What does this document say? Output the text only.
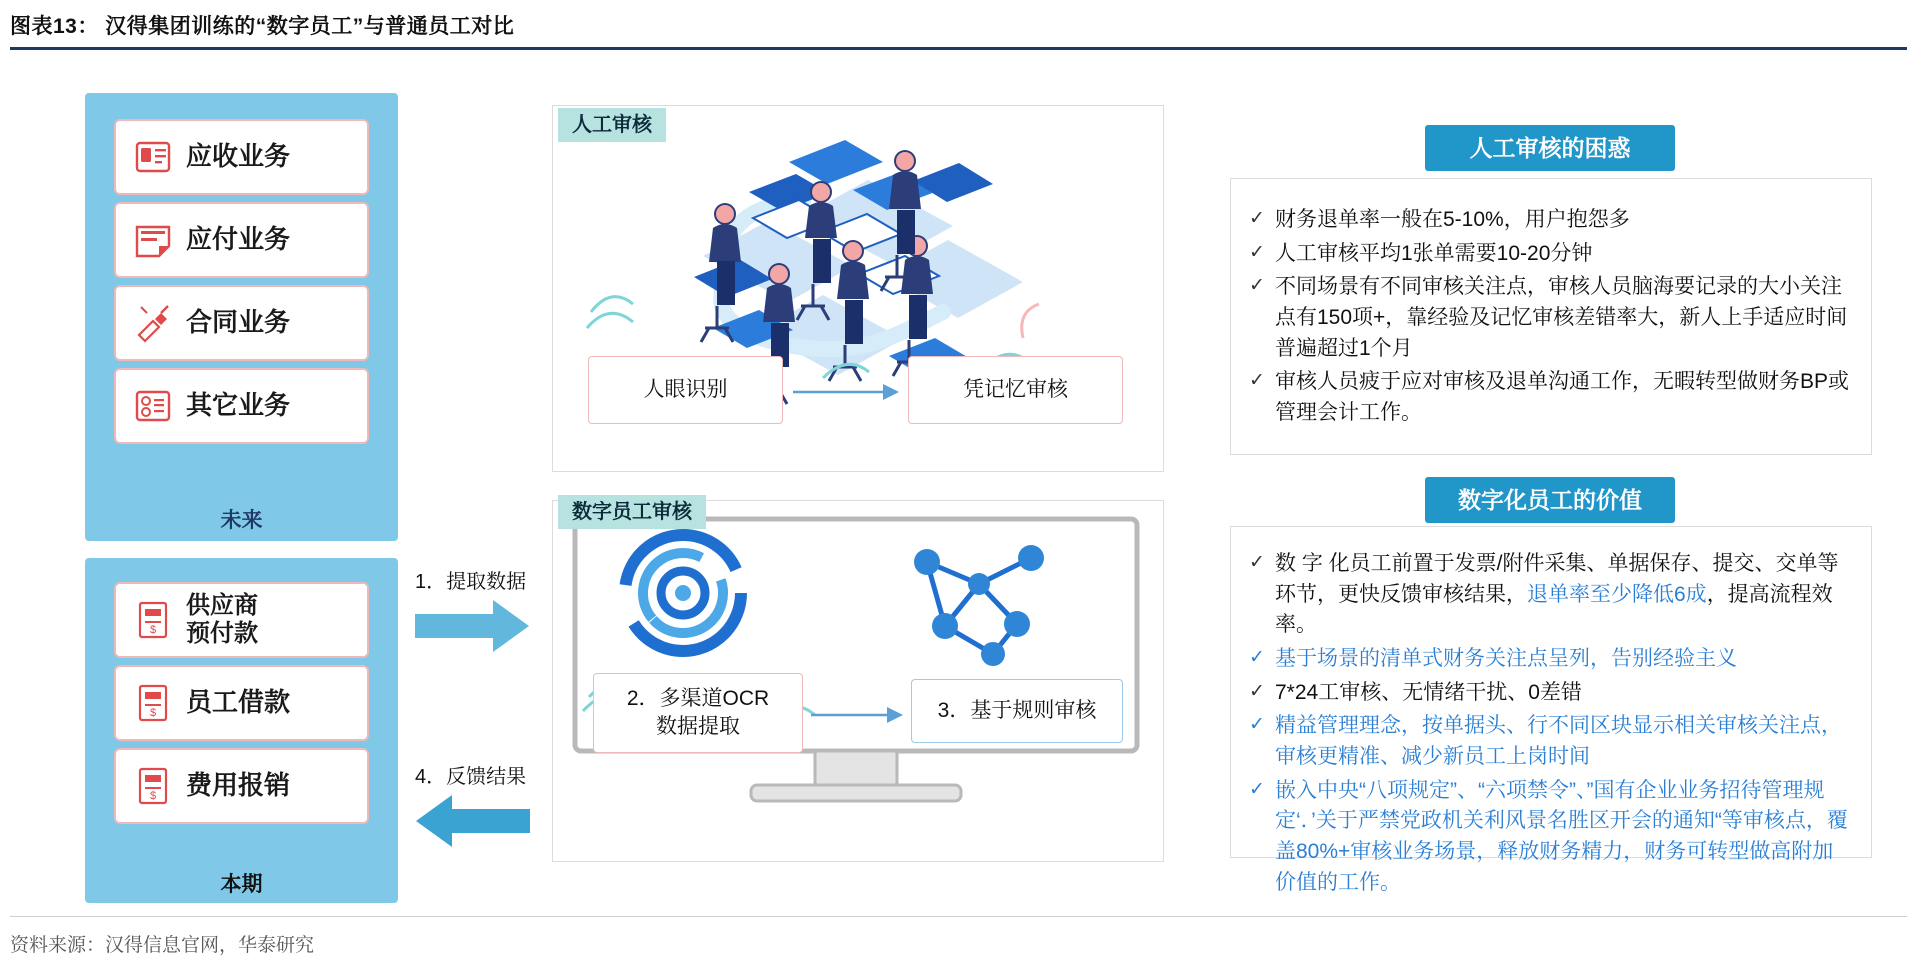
图表13： 汉得集团训练的“数字员工”与普通员工对比
应收业务
应付业务
合同业务
其它业务
未来
$
供应商
预付款
$ 员工借款
$ 费用报销
本期
1．提取数据
4．反馈结果
人眼识别	凭记忆审核
人工审核
2．多渠道OCR
数据提取
3．基于规则审核
数字员工审核
人工审核的困惑
✓ 财务退单率一般在5-10%，用户抱怨多
✓ 人工审核平均1张单需要10-20分钟
✓ 不同场景有不同审核关注点，审核人员脑海要记录的大小关注点有150项+，靠经验及记忆审核差错率大，新人上手适应时间普遍超过1个月
✓ 审核人员疲于应对审核及退单沟通工作，无暇转型做财务BP或管理会计工作。
数字化员工的价值
✓ 数 字 化员工前置于发票/附件采集、单据保存、提交、交单等环节，更快反馈审核结果，退单率至少降低6成，提高流程效率。
✓ 基于场景的清单式财务关注点呈列，告别经验主义
✓ 7*24工审核、无情绪干扰、0差错
✓ 精益管理理念，按单据头、行不同区块显示相关审核关注点，审核更精准、减少新员工上岗时间
✓ 嵌入中央“八项规定”、“六项禁令”、”国有企业业务招待管理规定‘．’关于严禁党政机关利风景名胜区开会的通知“等审核点，覆盖80%+审核业务场景，释放财务精力，财务可转型做高附加价值的工作。
资料来源：汉得信息官网，华泰研究
